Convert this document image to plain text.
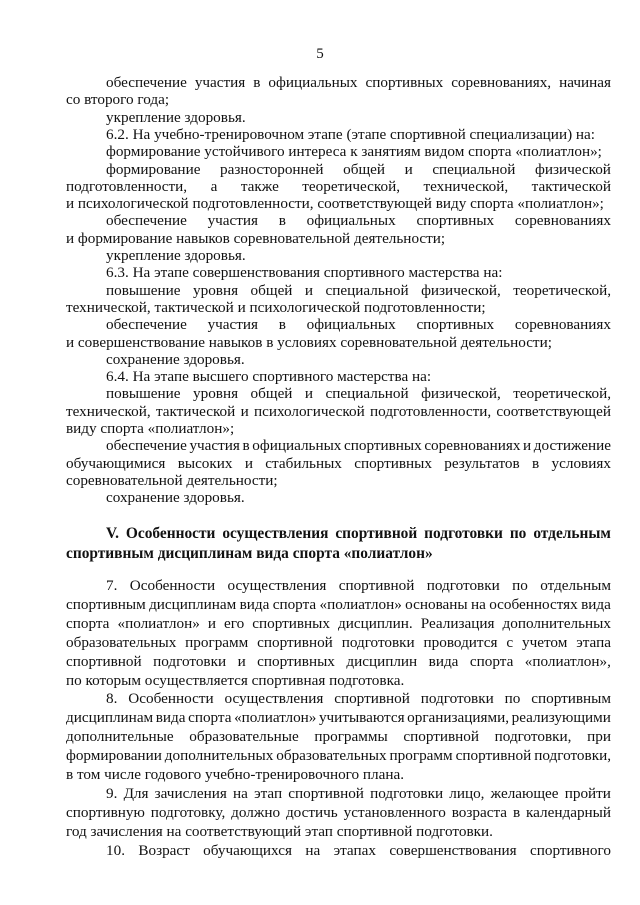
5
обеспечение участия в официальных спортивных соревнованиях, начиная
со второго года;
укрепление здоровья.
6.2. На учебно-тренировочном этапе (этапе спортивной специализации) на:
формирование устойчивого интереса к занятиям видом спорта «полиатлон»;
формирование разносторонней общей и специальной физической
подготовленности, а также теоретической, технической, тактической
и психологической подготовленности, соответствующей виду спорта «полиатлон»;
обеспечение участия в официальных спортивных соревнованиях
и формирование навыков соревновательной деятельности;
укрепление здоровья.
6.3. На этапе совершенствования спортивного мастерства на:
повышение уровня общей и специальной физической, теоретической,
технической, тактической и психологической подготовленности;
обеспечение участия в официальных спортивных соревнованиях
и совершенствование навыков в условиях соревновательной деятельности;
сохранение здоровья.
6.4. На этапе высшего спортивного мастерства на:
повышение уровня общей и специальной физической, теоретической,
технической, тактической и психологической подготовленности, соответствующей
виду спорта «полиатлон»;
обеспечение участия в официальных спортивных соревнованиях и достижение
обучающимися высоких и стабильных спортивных результатов в условиях
соревновательной деятельности;
сохранение здоровья.
V. Особенности осуществления спортивной подготовки по отдельным
спортивным дисциплинам вида спорта «полиатлон»
7. Особенности осуществления спортивной подготовки по отдельным
спортивным дисциплинам вида спорта «полиатлон» основаны на особенностях вида
спорта «полиатлон» и его спортивных дисциплин. Реализация дополнительных
образовательных программ спортивной подготовки проводится с учетом этапа
спортивной подготовки и спортивных дисциплин вида спорта «полиатлон»,
по которым осуществляется спортивная подготовка.
8. Особенности осуществления спортивной подготовки по спортивным
дисциплинам вида спорта «полиатлон» учитываются организациями, реализующими
дополнительные образовательные программы спортивной подготовки, при
формировании дополнительных образовательных программ спортивной подготовки,
в том числе годового учебно-тренировочного плана.
9. Для зачисления на этап спортивной подготовки лицо, желающее пройти
спортивную подготовку, должно достичь установленного возраста в календарный
год зачисления на соответствующий этап спортивной подготовки.
10. Возраст обучающихся на этапах совершенствования спортивного
